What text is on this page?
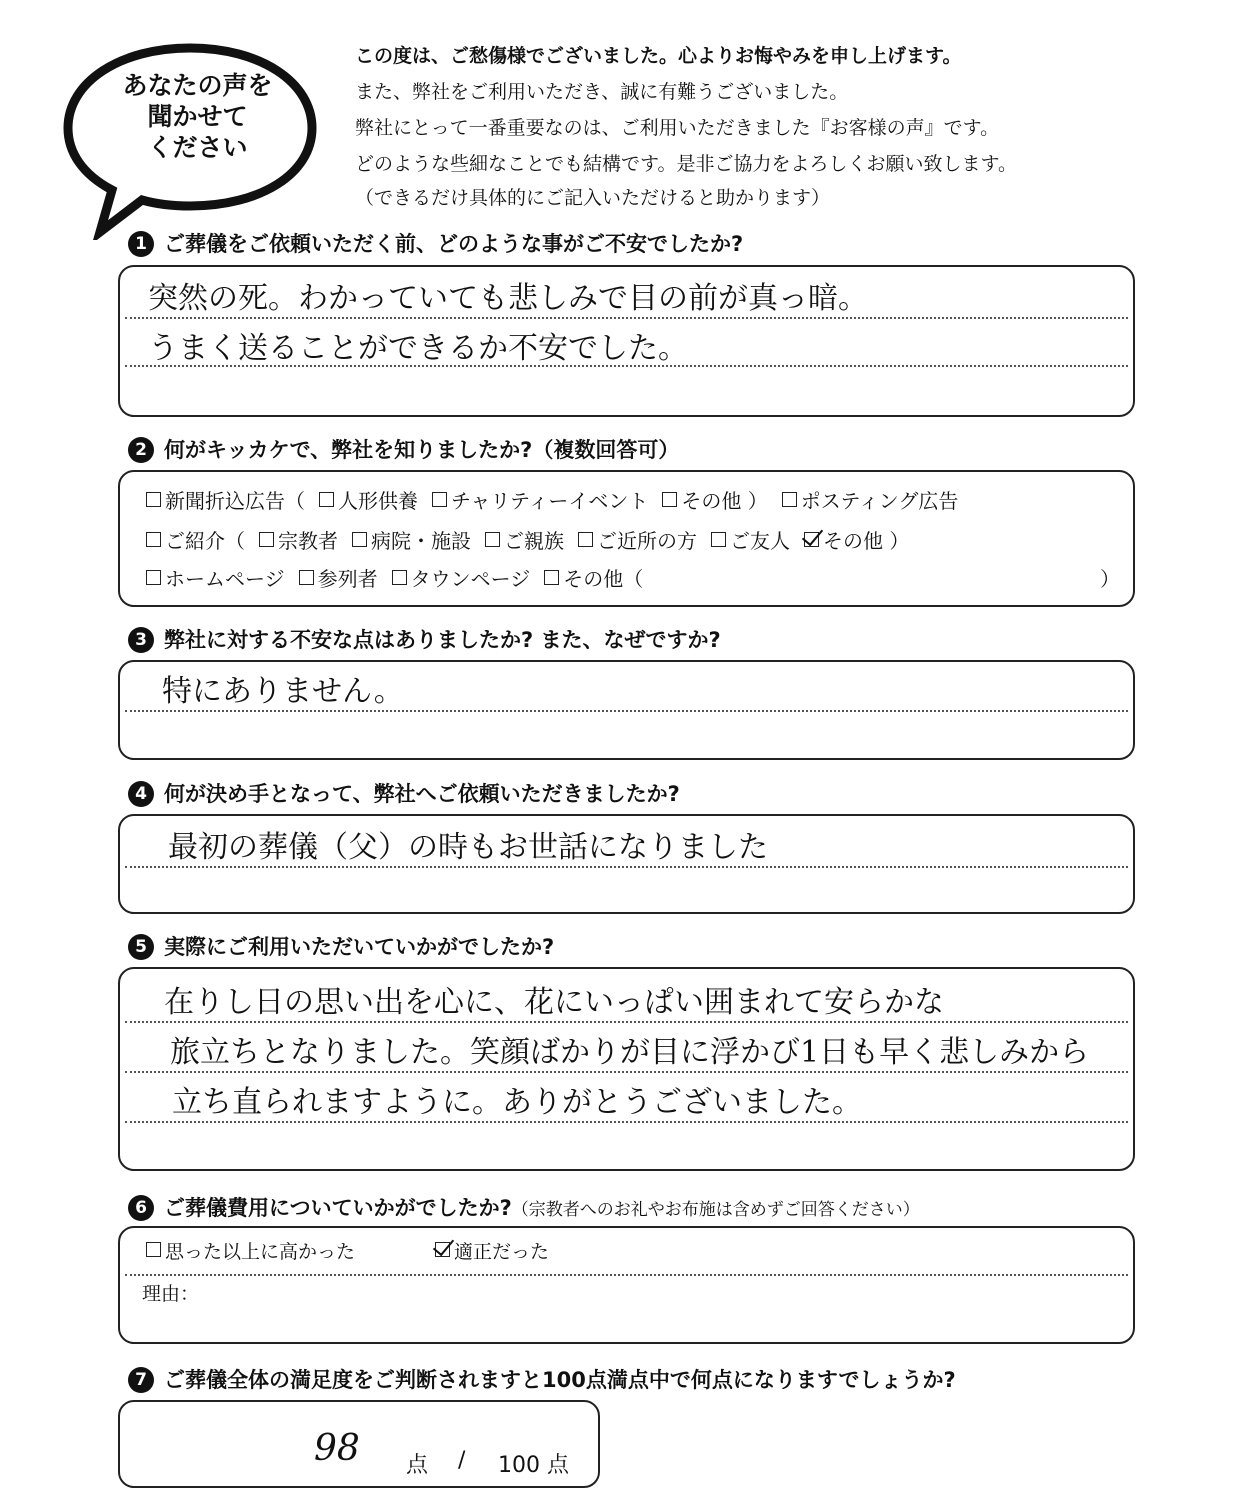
あなたの声を
聞かせて
ください
この度は、ご愁傷様でございました。心よりお悔やみを申し上げます。
また、弊社をご利用いただき、誠に有難うございました。
弊社にとって一番重要なのは、ご利用いただきました『お客様の声』です。
どのような些細なことでも結構です。是非ご協力をよろしくお願い致します。
（できるだけ具体的にご記入いただけると助かります）
1 ご葬儀をご依頼いただく前、どのような事がご不安でしたか?
突然の死。わかっていても悲しみで目の前が真っ暗。
うまく送ることができるか不安でした。
2 何がキッカケで、弊社を知りましたか?（複数回答可）
新聞折込広告（ 人形供養 チャリティーイベント その他 ） ポスティング広告
ご紹介（ 宗教者 病院・施設 ご親族 ご近所の方 ご友人 その他 ）
ホームページ 参列者 タウンページ その他（	）
3 弊社に対する不安な点はありましたか? また、なぜですか?
特にありません。
4 何が決め手となって、弊社へご依頼いただきましたか?
最初の葬儀（父）の時もお世話になりました
5 実際にご利用いただいていかがでしたか?
在りし日の思い出を心に、花にいっぱい囲まれて安らかな
旅立ちとなりました。笑顔ばかりが目に浮かび1日も早く悲しみから
立ち直られますように。ありがとうございました。
6 ご葬儀費用についていかがでしたか?（宗教者へのお礼やお布施は含めずご回答ください）
思った以上に高かった	適正だった
理由：
7 ご葬儀全体の満足度をご判断されますと100点満点中で何点になりますでしょうか?
98 点 / 100 点
